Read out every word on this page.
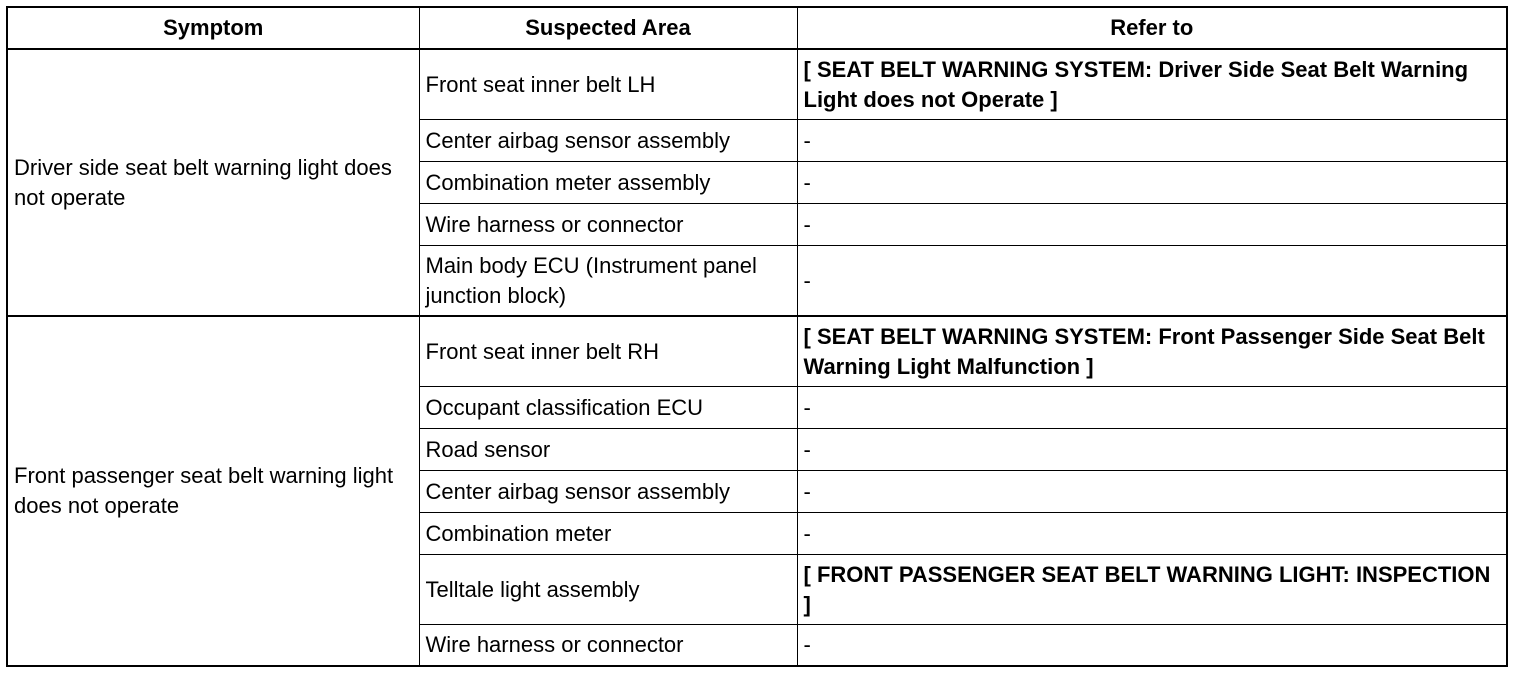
Symptom	Suspected Area	Refer to
Driver side seat belt warning light does not operate	Front seat inner belt LH	[ SEAT BELT WARNING SYSTEM: Driver Side Seat Belt Warning Light does not Operate ]
	Center airbag sensor assembly	-
	Combination meter assembly	-
	Wire harness or connector	-
	Main body ECU (Instrument panel junction block)	-
Front passenger seat belt warning light does not operate	Front seat inner belt RH	[ SEAT BELT WARNING SYSTEM: Front Passenger Side Seat Belt Warning Light Malfunction ]
	Occupant classification ECU	-
	Road sensor	-
	Center airbag sensor assembly	-
	Combination meter	-
	Telltale light assembly	[ FRONT PASSENGER SEAT BELT WARNING LIGHT: INSPECTION ]
	Wire harness or connector	-
